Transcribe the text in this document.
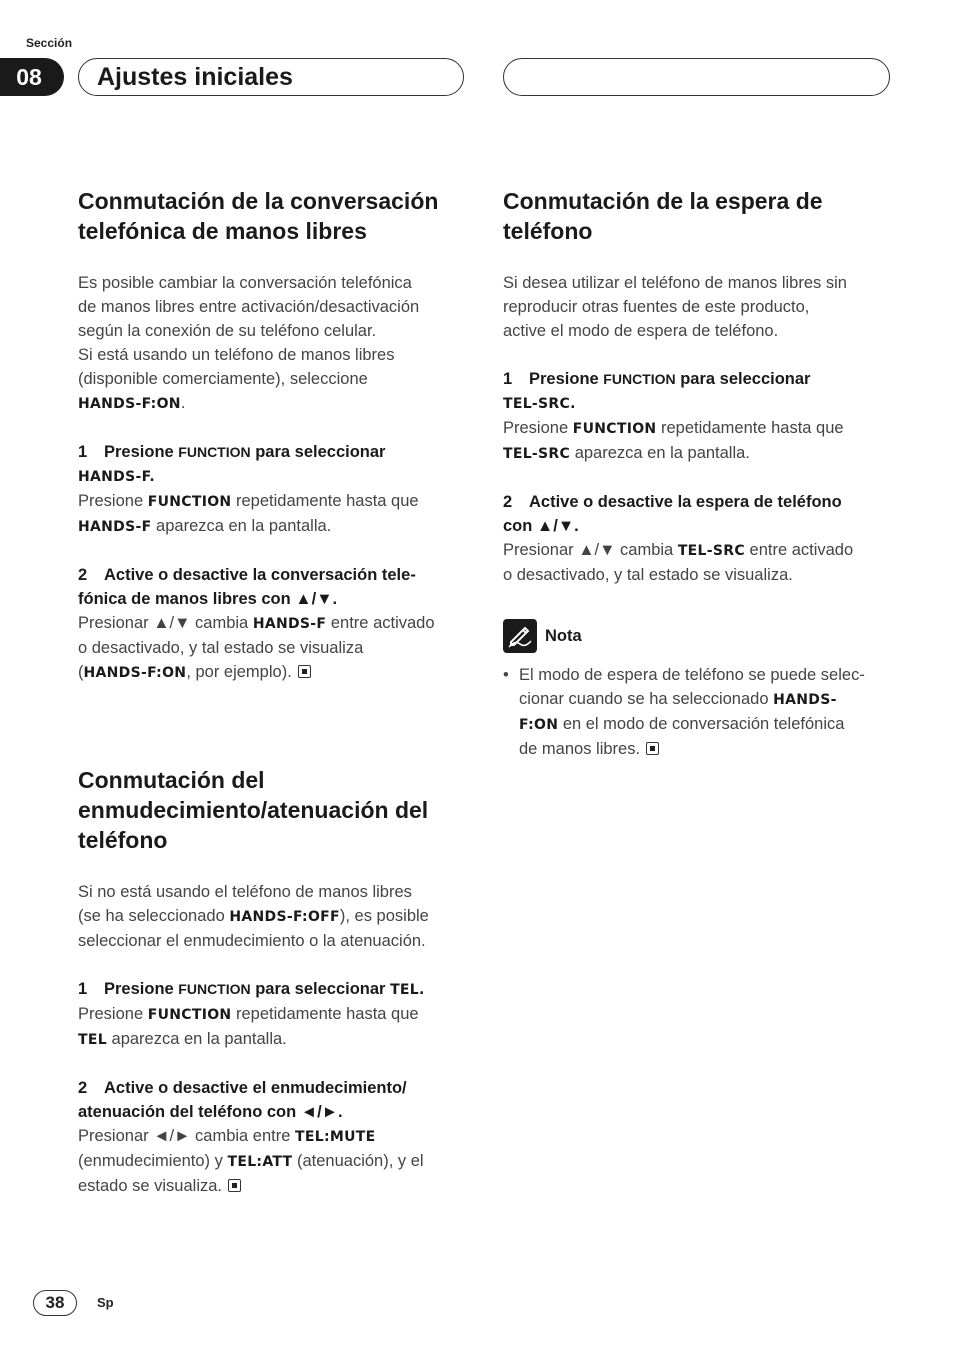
Sección
08	Ajustes iniciales
Conmutación de la conversación
telefónica de manos libres

Es posible cambiar la conversación telefónica
de manos libres entre activación/desactivación
según la conexión de su teléfono celular.
Si está usando un teléfono de manos libres
(disponible comerciamente), seleccione
HANDS-F:ON.

1 Presione FUNCTION para seleccionar
HANDS-F.

Presione FUNCTION repetidamente hasta que
HANDS-F aparezca en la pantalla.

2 Active o desactive la conversación tele-
fónica de manos libres con ▲/▼.

Presionar ▲/▼ cambia HANDS-F entre activado
o desactivado, y tal estado se visualiza
(HANDS-F:ON, por ejemplo).

Conmutación del
enmudecimiento/atenuación del
teléfono

Si no está usando el teléfono de manos libres
(se ha seleccionado HANDS-F:OFF), es posible
seleccionar el enmudecimiento o la atenuación.

1 Presione FUNCTION para seleccionar TEL.

Presione FUNCTION repetidamente hasta que
TEL aparezca en la pantalla.

2 Active o desactive el enmudecimiento/
atenuación del teléfono con ◄/►.

Presionar ◄/► cambia entre TEL:MUTE
(enmudecimiento) y TEL:ATT (atenuación), y el
estado se visualiza.

Conmutación de la espera de
teléfono

Si desea utilizar el teléfono de manos libres sin
reproducir otras fuentes de este producto,
active el modo de espera de teléfono.

1 Presione FUNCTION para seleccionar
TEL-SRC.

Presione FUNCTION repetidamente hasta que
TEL-SRC aparezca en la pantalla.

2 Active o desactive la espera de teléfono
con ▲/▼.

Presionar ▲/▼ cambia TEL-SRC entre activado
o desactivado, y tal estado se visualiza.

Nota
• El modo de espera de teléfono se puede selec-
cionar cuando se ha seleccionado HANDS-
F:ON en el modo de conversación telefónica
de manos libres.

38	Sp
